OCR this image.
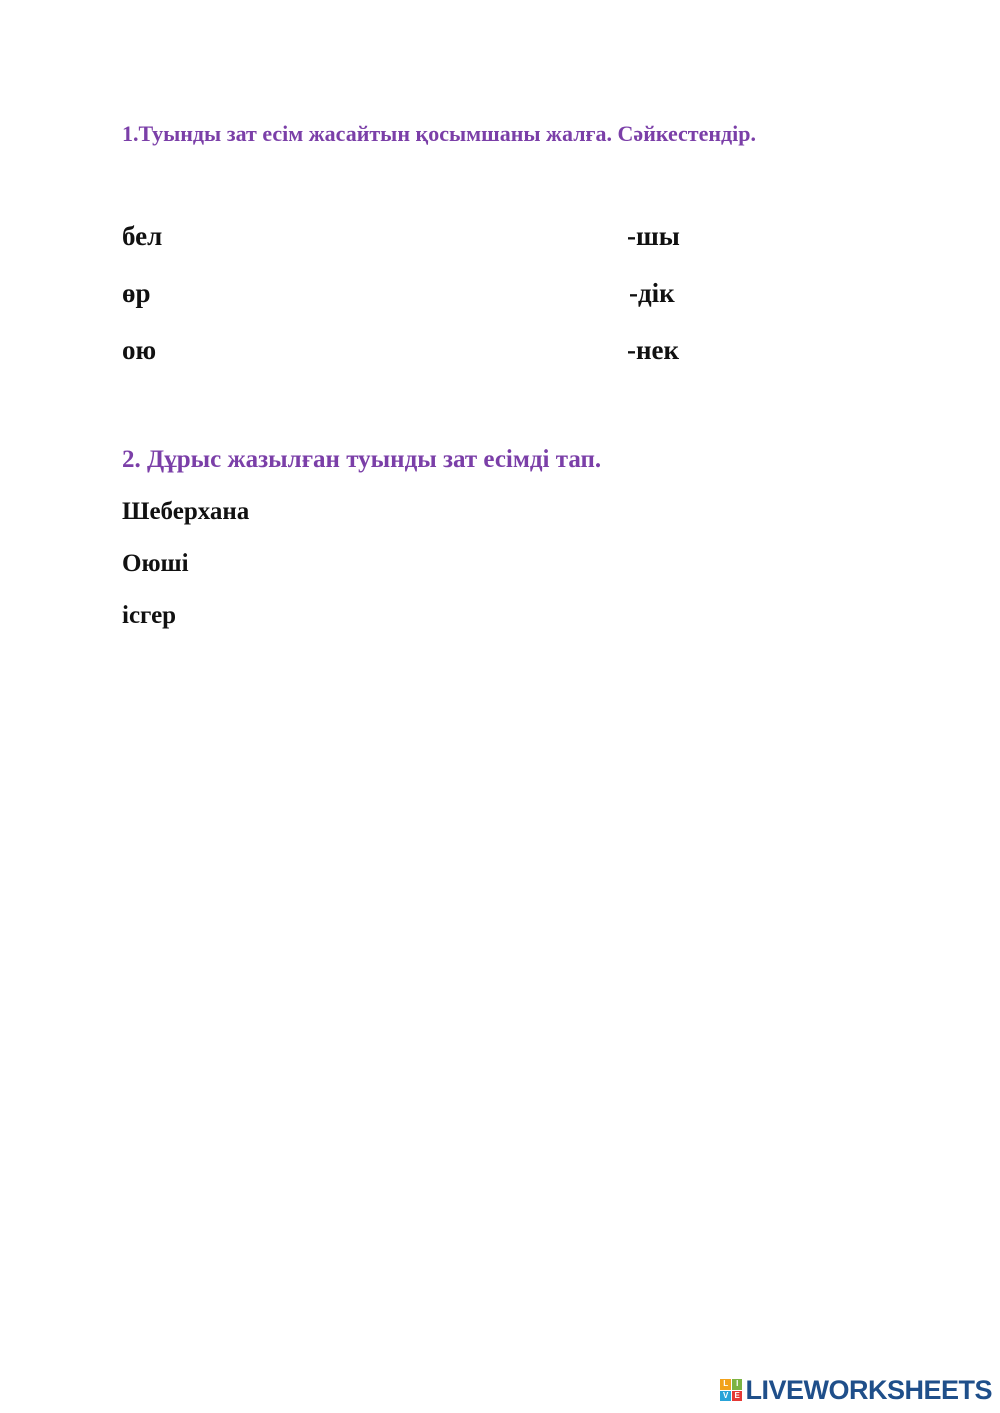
1.Туынды зат есім жасайтын қосымшаны жалға. Сәйкестендір.
бел
өр
ою
-шы
-дік
-нек
2. Дұрыс жазылған туынды зат есімді тап.
Шеберхана
Оюші
ісгер
L I
V E LIVEWORKSHEETS
